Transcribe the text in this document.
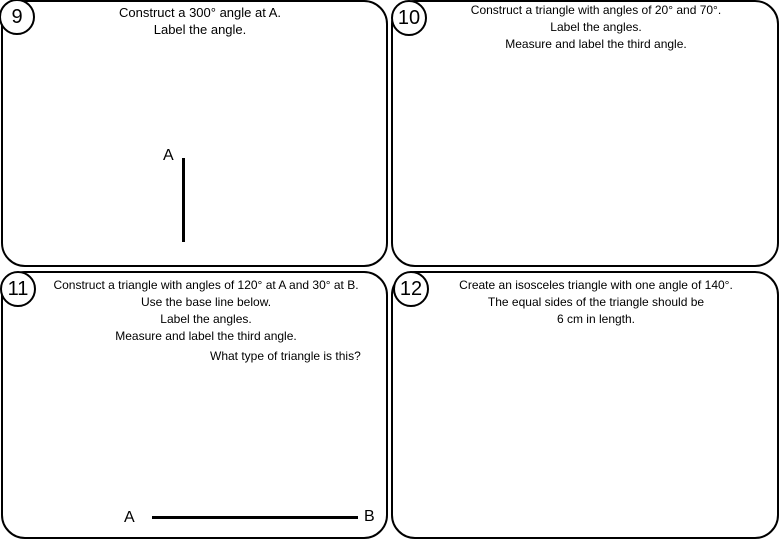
9	10
11	12
Construct a 300° angle at A.
Label the angle.
A
Construct a triangle with angles of 20° and 70°.
Label the angles.
Measure and label the third angle.
Construct a triangle with angles of 120° at A and 30° at B.
Use the base line below.
Label the angles.
Measure and label the third angle.
What type of triangle is this?
A	B
Create an isosceles triangle with one angle of 140°.
The equal sides of the triangle should be
6 cm in length.
